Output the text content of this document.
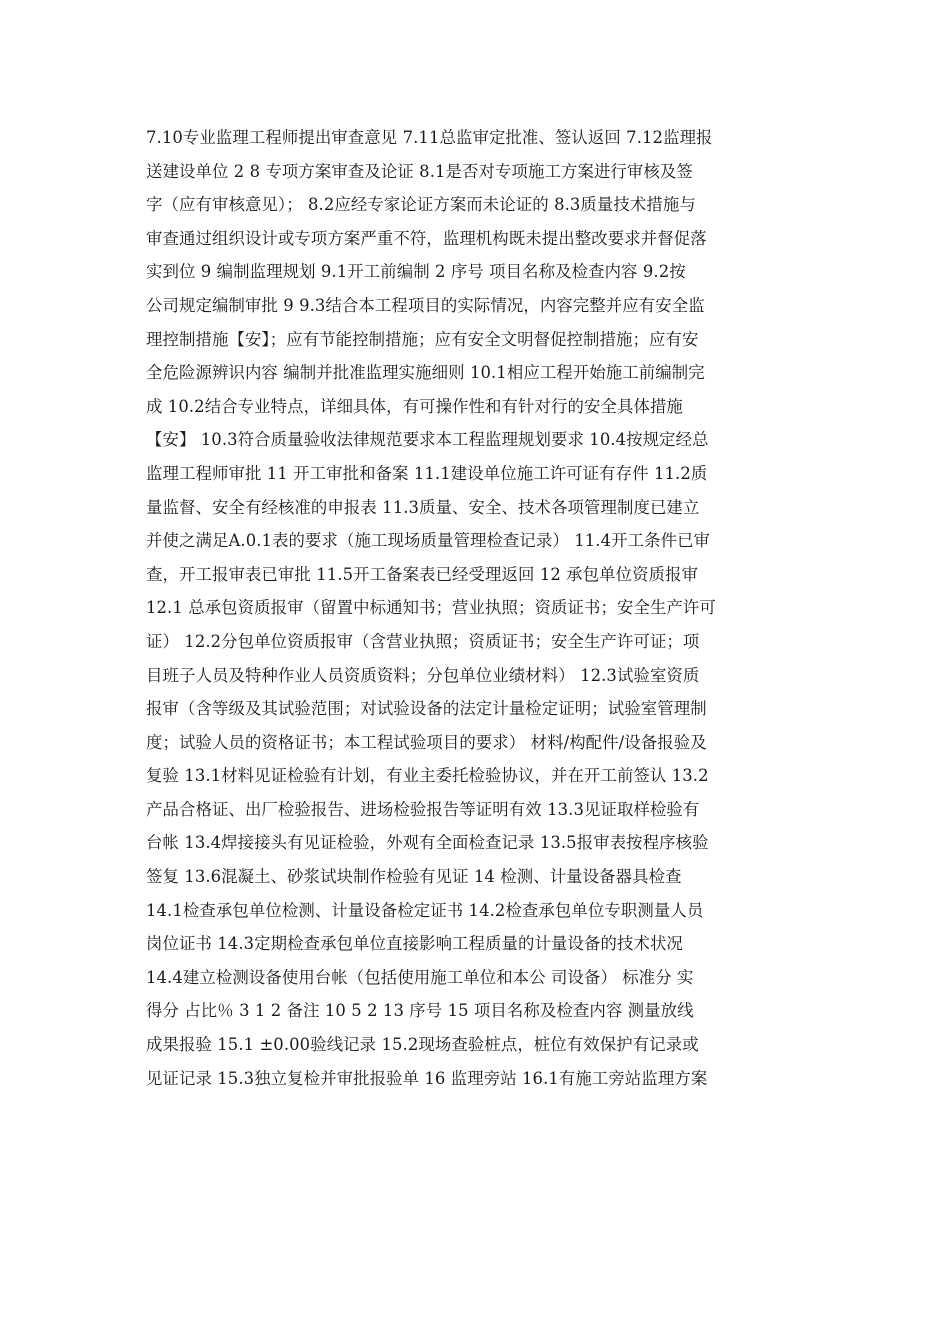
7.10专业监理工程师提出审查意见 7.11总监审定批准、签认返回 7.12监理报
送建设单位 2 8 专项方案审查及论证 8.1是否对专项施工方案进行审核及签
字（应有审核意见）； 8.2应经专家论证方案而未论证的 8.3质量技术措施与
审查通过组织设计或专项方案严重不符，监理机构既未提出整改要求并督促落
实到位 9 编制监理规划 9.1开工前编制 2 序号 项目名称及检查内容 9.2按
公司规定编制审批 9 9.3结合本工程项目的实际情况，内容完整并应有安全监
理控制措施【安】；应有节能控制措施；应有安全文明督促控制措施；应有安
全危险源辨识内容 编制并批准监理实施细则 10.1相应工程开始施工前编制完
成 10.2结合专业特点，详细具体，有可操作性和有针对行的安全具体措施
【安】 10.3符合质量验收法律规范要求本工程监理规划要求 10.4按规定经总
监理工程师审批 11 开工审批和备案 11.1建设单位施工许可证有存件 11.2质
量监督、安全有经核准的申报表 11.3质量、安全、技术各项管理制度已建立
并使之满足A.0.1表的要求（施工现场质量管理检查记录） 11.4开工条件已审
查，开工报审表已审批 11.5开工备案表已经受理返回 12 承包单位资质报审
12.1 总承包资质报审（留置中标通知书；营业执照；资质证书；安全生产许可
证） 12.2分包单位资质报审（含营业执照；资质证书；安全生产许可证；项
目班子人员及特种作业人员资质资料；分包单位业绩材料） 12.3试验室资质
报审（含等级及其试验范围；对试验设备的法定计量检定证明；试验室管理制
度；试验人员的资格证书；本工程试验项目的要求） 材料/构配件/设备报验及
复验 13.1材料见证检验有计划，有业主委托检验协议，并在开工前签认 13.2
产品合格证、出厂检验报告、进场检验报告等证明有效 13.3见证取样检验有
台帐 13.4焊接接头有见证检验，外观有全面检查记录 13.5报审表按程序核验
签复 13.6混凝土、砂浆试块制作检验有见证 14 检测、计量设备器具检查
14.1检查承包单位检测、计量设备检定证书 14.2检查承包单位专职测量人员
岗位证书 14.3定期检查承包单位直接影响工程质量的计量设备的技术状况
14.4建立检测设备使用台帐（包括使用施工单位和本公 司设备） 标准分 实
得分 占比％ 3 1 2 备注 10 5 2 13 序号 15 项目名称及检查内容 测量放线
成果报验 15.1 ±0.00验线记录 15.2现场查验桩点，桩位有效保护有记录或
见证记录 15.3独立复检并审批报验单 16 监理旁站 16.1有施工旁站监理方案
